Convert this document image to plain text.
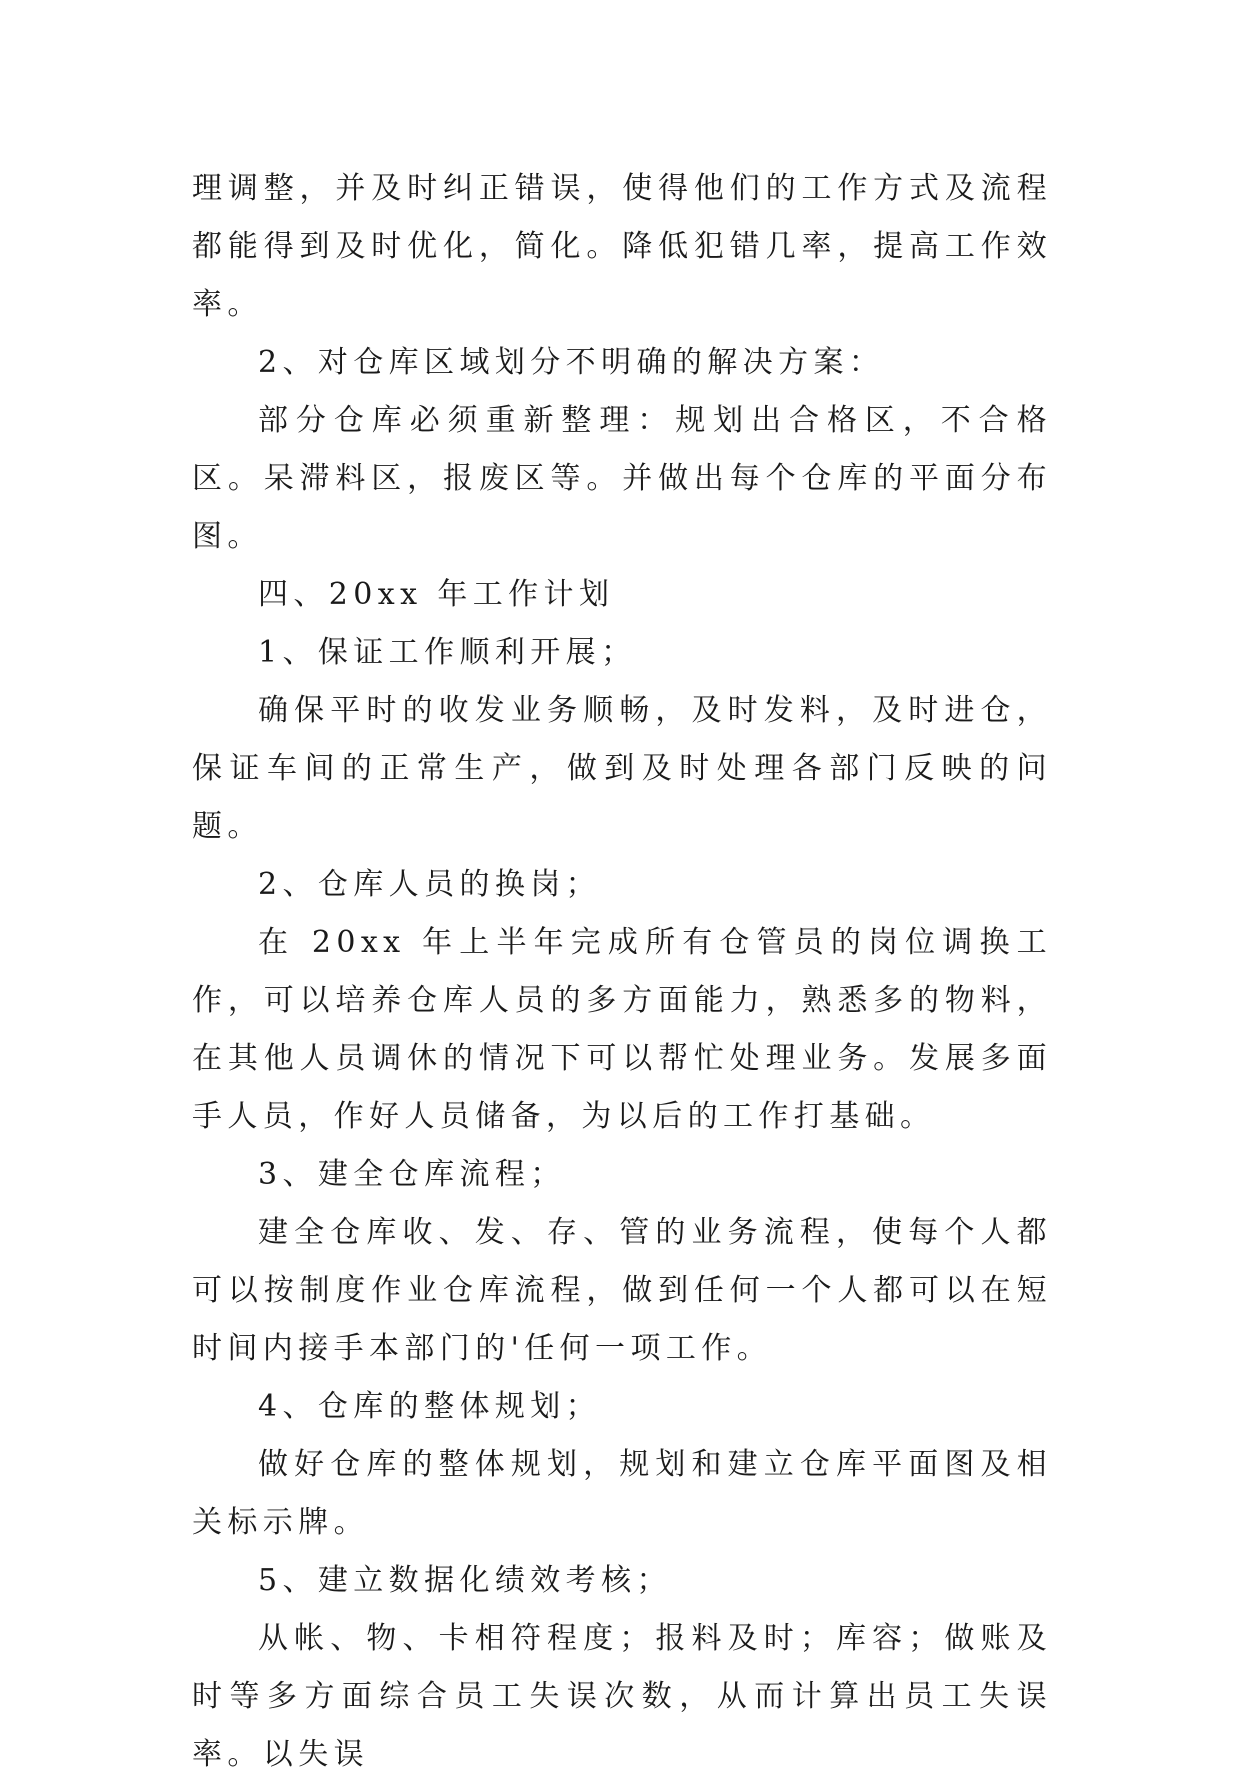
理调整，并及时纠正错误，使得他们的工作方式及流程都能得到及时优化，简化。降低犯错几率，提高工作效率。

2、对仓库区域划分不明确的解决方案：

部分仓库必须重新整理：规划出合格区，不合格区。呆滞料区，报废区等。并做出每个仓库的平面分布图。

四、20xx 年工作计划

1、保证工作顺利开展；

确保平时的收发业务顺畅，及时发料，及时进仓，保证车间的正常生产，做到及时处理各部门反映的问题。

2、仓库人员的换岗；

在 20xx 年上半年完成所有仓管员的岗位调换工作，可以培养仓库人员的多方面能力，熟悉多的物料，在其他人员调休的情况下可以帮忙处理业务。发展多面手人员，作好人员储备，为以后的工作打基础。

3、建全仓库流程；

建全仓库收、发、存、管的业务流程，使每个人都可以按制度作业仓库流程，做到任何一个人都可以在短时间内接手本部门的'任何一项工作。

4、仓库的整体规划；

做好仓库的整体规划，规划和建立仓库平面图及相关标示牌。

5、建立数据化绩效考核；

从帐、物、卡相符程度；报料及时；库容；做账及时等多方面综合员工失误次数，从而计算出员工失误率。以失误
